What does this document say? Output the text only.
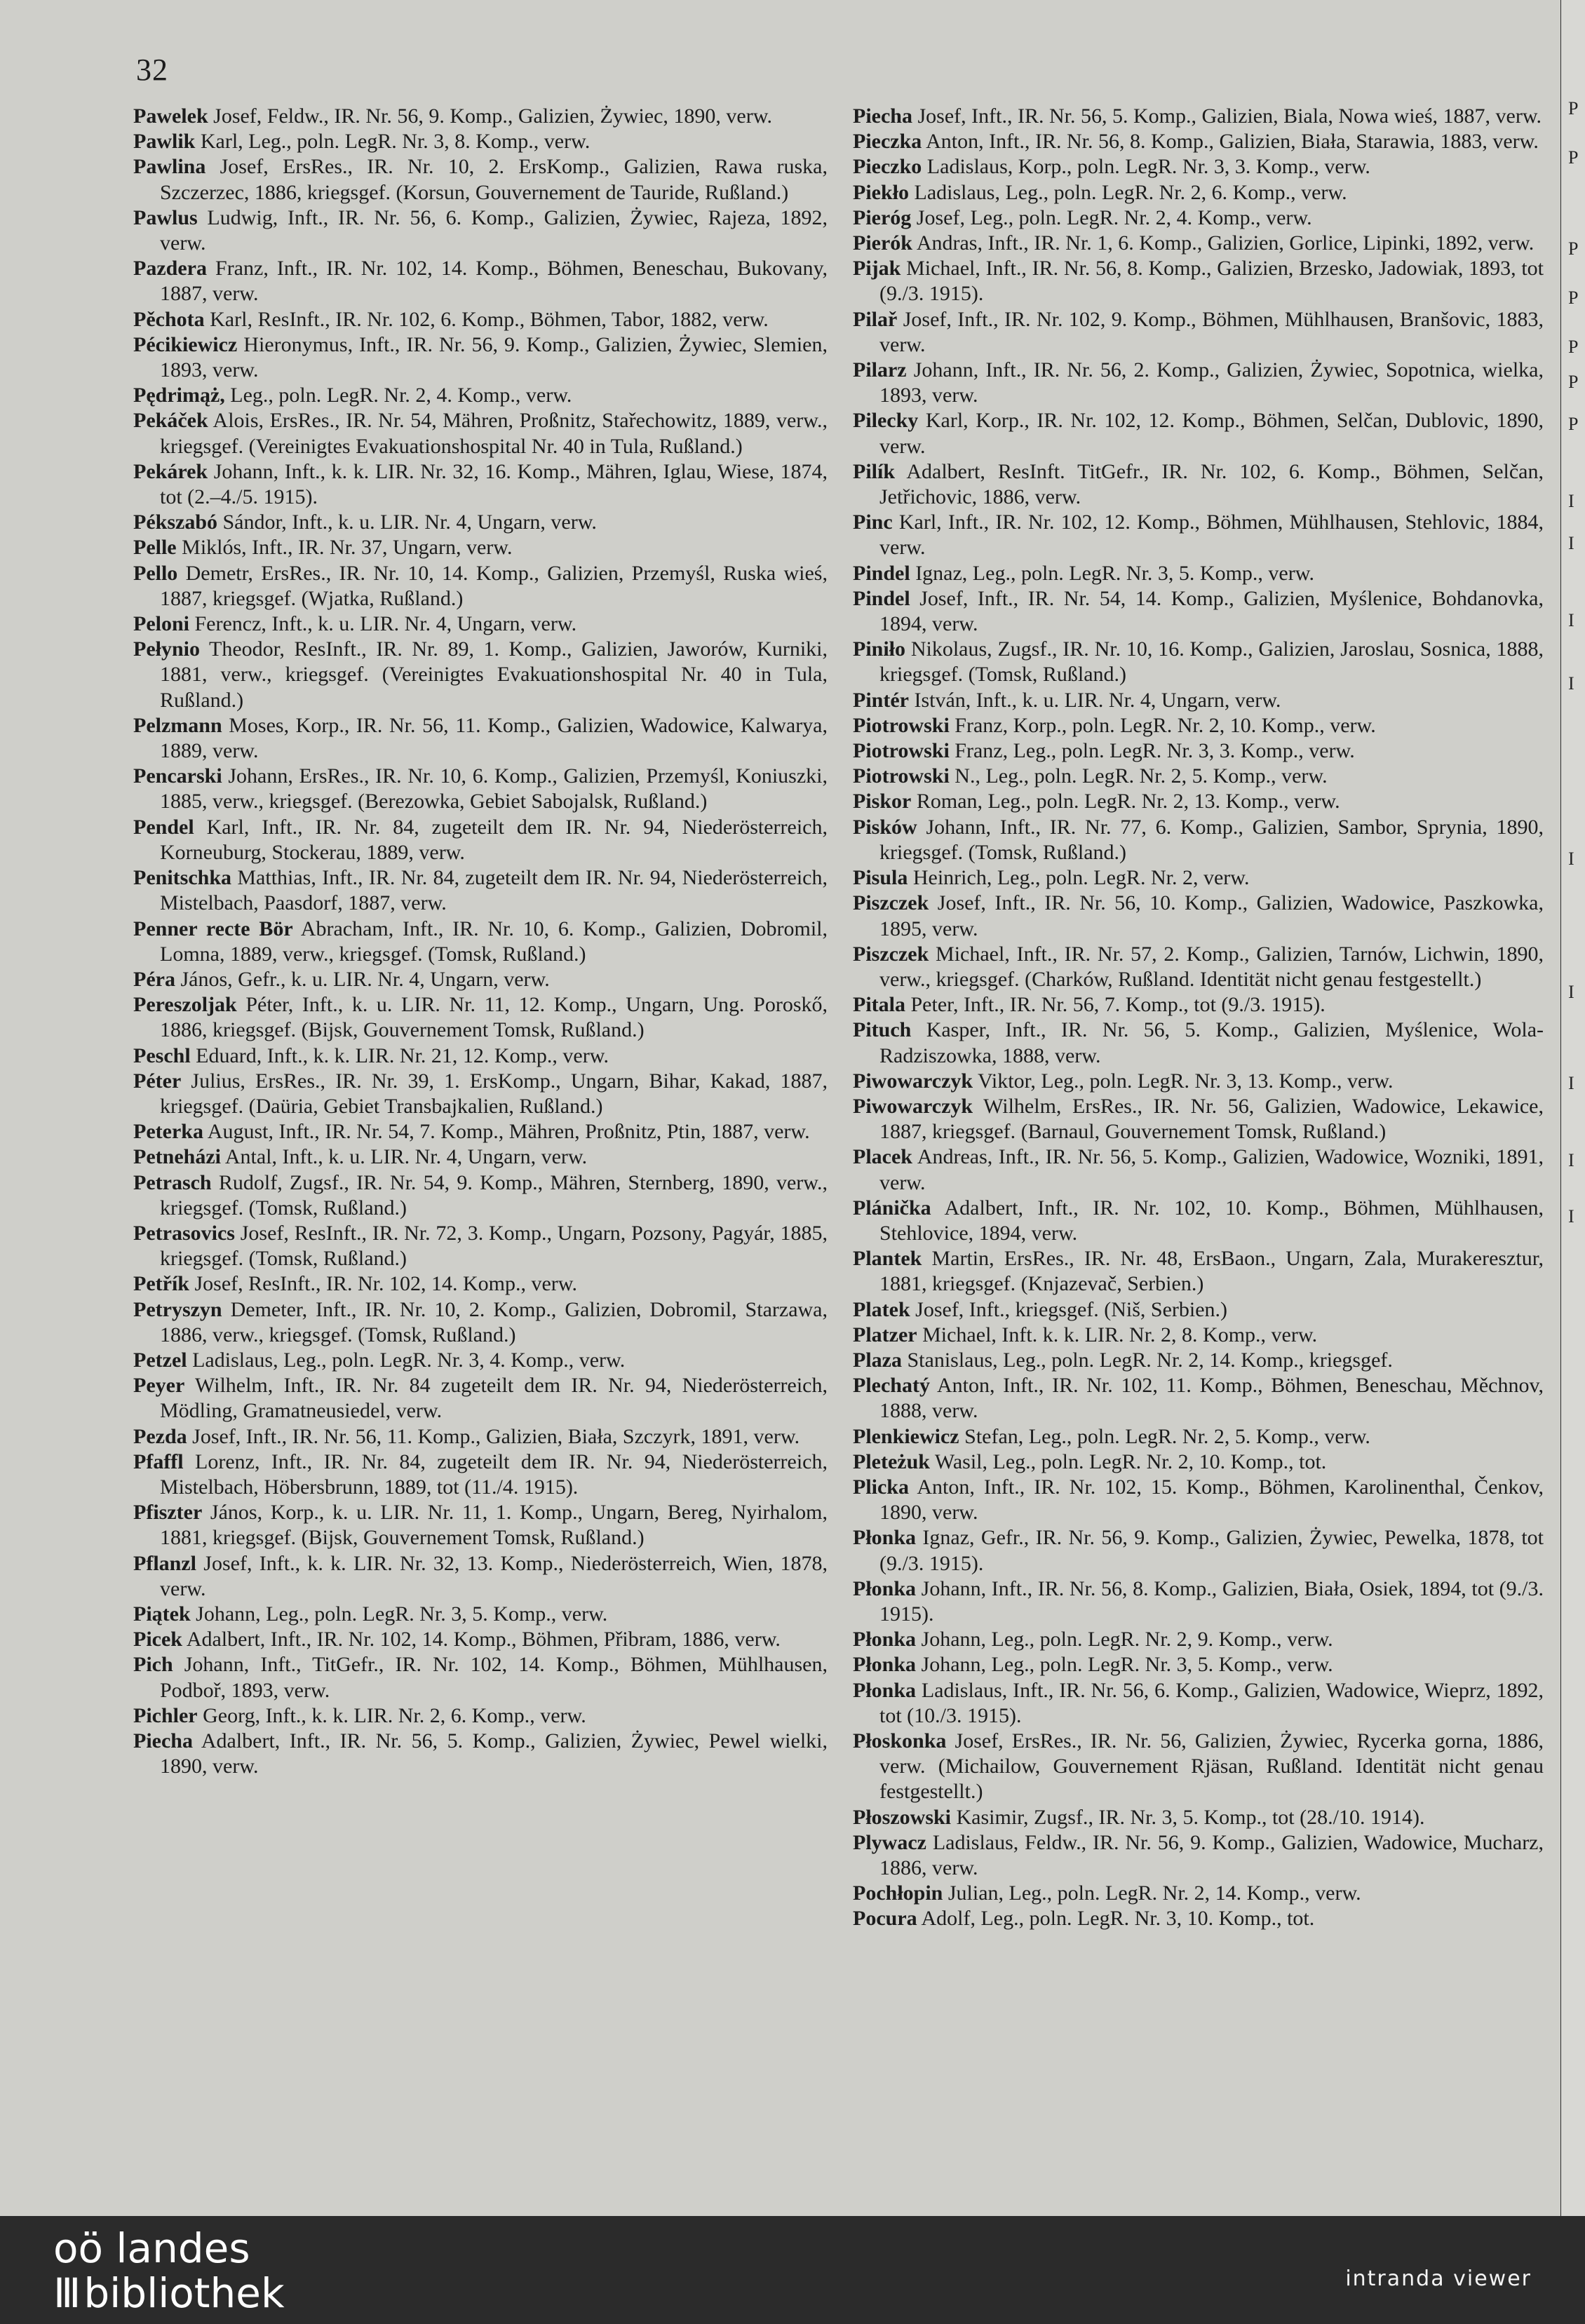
32

Pawelek Josef, Feldw., IR. Nr. 56, 9. Komp., Galizien, Żywiec, 1890, verw.

Pawlik Karl, Leg., poln. LegR. Nr. 3, 8. Komp., verw.

Pawlina Josef, ErsRes., IR. Nr. 10, 2. ErsKomp., Galizien, Rawa ruska, Szczerzec, 1886, kriegsgef. (Korsun, Gouvernement de Tauride, Rußland.)

Pawlus Ludwig, Inft., IR. Nr. 56, 6. Komp., Galizien, Żywiec, Rajeza, 1892, verw.

Pazdera Franz, Inft., IR. Nr. 102, 14. Komp., Böhmen, Beneschau, Bukovany, 1887, verw.

Pěchota Karl, ResInft., IR. Nr. 102, 6. Komp., Böhmen, Tabor, 1882, verw.

Pécikiewicz Hieronymus, Inft., IR. Nr. 56, 9. Komp., Galizien, Żywiec, Slemien, 1893, verw.

Pędrimąż, Leg., poln. LegR. Nr. 2, 4. Komp., verw.

Pekáček Alois, ErsRes., IR. Nr. 54, Mähren, Proßnitz, Stařechowitz, 1889, verw., kriegsgef. (Vereinigtes Evakuationshospital Nr. 40 in Tula, Rußland.)

Pekárek Johann, Inft., k. k. LIR. Nr. 32, 16. Komp., Mähren, Iglau, Wiese, 1874, tot (2.–4./5. 1915).

Pékszabó Sándor, Inft., k. u. LIR. Nr. 4, Ungarn, verw.

Pelle Miklós, Inft., IR. Nr. 37, Ungarn, verw.

Pello Demetr, ErsRes., IR. Nr. 10, 14. Komp., Galizien, Przemyśl, Ruska wieś, 1887, kriegsgef. (Wjatka, Rußland.)

Peloni Ferencz, Inft., k. u. LIR. Nr. 4, Ungarn, verw.

Pełynio Theodor, ResInft., IR. Nr. 89, 1. Komp., Galizien, Jaworów, Kurniki, 1881, verw., kriegsgef. (Vereinigtes Evakuationshospital Nr. 40 in Tula, Rußland.)

Pelzmann Moses, Korp., IR. Nr. 56, 11. Komp., Galizien, Wadowice, Kalwarya, 1889, verw.

Pencarski Johann, ErsRes., IR. Nr. 10, 6. Komp., Galizien, Przemyśl, Koniuszki, 1885, verw., kriegsgef. (Berezowka, Gebiet Sabojalsk, Rußland.)

Pendel Karl, Inft., IR. Nr. 84, zugeteilt dem IR. Nr. 94, Niederösterreich, Korneuburg, Stockerau, 1889, verw.

Penitschka Matthias, Inft., IR. Nr. 84, zugeteilt dem IR. Nr. 94, Niederösterreich, Mistelbach, Paasdorf, 1887, verw.

Penner recte Bör Abracham, Inft., IR. Nr. 10, 6. Komp., Galizien, Dobromil, Lomna, 1889, verw., kriegsgef. (Tomsk, Rußland.)

Péra János, Gefr., k. u. LIR. Nr. 4, Ungarn, verw.

Pereszoljak Péter, Inft., k. u. LIR. Nr. 11, 12. Komp., Ungarn, Ung. Poroskő, 1886, kriegsgef. (Bijsk, Gouvernement Tomsk, Rußland.)

Peschl Eduard, Inft., k. k. LIR. Nr. 21, 12. Komp., verw.

Péter Julius, ErsRes., IR. Nr. 39, 1. ErsKomp., Ungarn, Bihar, Kakad, 1887, kriegsgef. (Daüria, Gebiet Transbajkalien, Rußland.)

Peterka August, Inft., IR. Nr. 54, 7. Komp., Mähren, Proßnitz, Ptin, 1887, verw.

Petneházi Antal, Inft., k. u. LIR. Nr. 4, Ungarn, verw.

Petrasch Rudolf, Zugsf., IR. Nr. 54, 9. Komp., Mähren, Sternberg, 1890, verw., kriegsgef. (Tomsk, Rußland.)

Petrasovics Josef, ResInft., IR. Nr. 72, 3. Komp., Ungarn, Pozsony, Pagyár, 1885, kriegsgef. (Tomsk, Rußland.)

Petřík Josef, ResInft., IR. Nr. 102, 14. Komp., verw.

Petryszyn Demeter, Inft., IR. Nr. 10, 2. Komp., Galizien, Dobromil, Starzawa, 1886, verw., kriegsgef. (Tomsk, Rußland.)

Petzel Ladislaus, Leg., poln. LegR. Nr. 3, 4. Komp., verw.

Peyer Wilhelm, Inft., IR. Nr. 84 zugeteilt dem IR. Nr. 94, Niederösterreich, Mödling, Gramatneusiedel, verw.

Pezda Josef, Inft., IR. Nr. 56, 11. Komp., Galizien, Biała, Szczyrk, 1891, verw.

Pfaffl Lorenz, Inft., IR. Nr. 84, zugeteilt dem IR. Nr. 94, Niederösterreich, Mistelbach, Höbersbrunn, 1889, tot (11./4. 1915).

Pfiszter János, Korp., k. u. LIR. Nr. 11, 1. Komp., Ungarn, Bereg, Nyirhalom, 1881, kriegsgef. (Bijsk, Gouvernement Tomsk, Rußland.)

Pflanzl Josef, Inft., k. k. LIR. Nr. 32, 13. Komp., Niederösterreich, Wien, 1878, verw.

Piątek Johann, Leg., poln. LegR. Nr. 3, 5. Komp., verw.

Picek Adalbert, Inft., IR. Nr. 102, 14. Komp., Böhmen, Přibram, 1886, verw.

Pich Johann, Inft., TitGefr., IR. Nr. 102, 14. Komp., Böhmen, Mühlhausen, Podboř, 1893, verw.

Pichler Georg, Inft., k. k. LIR. Nr. 2, 6. Komp., verw.

Piecha Adalbert, Inft., IR. Nr. 56, 5. Komp., Galizien, Żywiec, Pewel wielki, 1890, verw.

Piecha Josef, Inft., IR. Nr. 56, 5. Komp., Galizien, Biala, Nowa wieś, 1887, verw.

Pieczka Anton, Inft., IR. Nr. 56, 8. Komp., Galizien, Biała, Starawia, 1883, verw.

Pieczko Ladislaus, Korp., poln. LegR. Nr. 3, 3. Komp., verw.

Piekło Ladislaus, Leg., poln. LegR. Nr. 2, 6. Komp., verw.

Pieróg Josef, Leg., poln. LegR. Nr. 2, 4. Komp., verw.

Pierók Andras, Inft., IR. Nr. 1, 6. Komp., Galizien, Gorlice, Lipinki, 1892, verw.

Pijak Michael, Inft., IR. Nr. 56, 8. Komp., Galizien, Brzesko, Jadowiak, 1893, tot (9./3. 1915).

Pilař Josef, Inft., IR. Nr. 102, 9. Komp., Böhmen, Mühlhausen, Branšovic, 1883, verw.

Pilarz Johann, Inft., IR. Nr. 56, 2. Komp., Galizien, Żywiec, Sopotnica, wielka, 1893, verw.

Pilecky Karl, Korp., IR. Nr. 102, 12. Komp., Böhmen, Selčan, Dublovic, 1890, verw.

Pilík Adalbert, ResInft. TitGefr., IR. Nr. 102, 6. Komp., Böhmen, Selčan, Jetřichovic, 1886, verw.

Pinc Karl, Inft., IR. Nr. 102, 12. Komp., Böhmen, Mühlhausen, Stehlovic, 1884, verw.

Pindel Ignaz, Leg., poln. LegR. Nr. 3, 5. Komp., verw.

Pindel Josef, Inft., IR. Nr. 54, 14. Komp., Galizien, Myślenice, Bohdanovka, 1894, verw.

Piniło Nikolaus, Zugsf., IR. Nr. 10, 16. Komp., Galizien, Jaroslau, Sosnica, 1888, kriegsgef. (Tomsk, Rußland.)

Pintér István, Inft., k. u. LIR. Nr. 4, Ungarn, verw.

Piotrowski Franz, Korp., poln. LegR. Nr. 2, 10. Komp., verw.

Piotrowski Franz, Leg., poln. LegR. Nr. 3, 3. Komp., verw.

Piotrowski N., Leg., poln. LegR. Nr. 2, 5. Komp., verw.

Piskor Roman, Leg., poln. LegR. Nr. 2, 13. Komp., verw.

Pisków Johann, Inft., IR. Nr. 77, 6. Komp., Galizien, Sambor, Sprynia, 1890, kriegsgef. (Tomsk, Rußland.)

Pisula Heinrich, Leg., poln. LegR. Nr. 2, verw.

Piszczek Josef, Inft., IR. Nr. 56, 10. Komp., Galizien, Wadowice, Paszkowka, 1895, verw.

Piszczek Michael, Inft., IR. Nr. 57, 2. Komp., Galizien, Tarnów, Lichwin, 1890, verw., kriegsgef. (Charków, Rußland. Identität nicht genau festgestellt.)

Pitala Peter, Inft., IR. Nr. 56, 7. Komp., tot (9./3. 1915).

Pituch Kasper, Inft., IR. Nr. 56, 5. Komp., Galizien, Myślenice, Wola-Radziszowka, 1888, verw.

Piwowarczyk Viktor, Leg., poln. LegR. Nr. 3, 13. Komp., verw.

Piwowarczyk Wilhelm, ErsRes., IR. Nr. 56, Galizien, Wadowice, Lekawice, 1887, kriegsgef. (Barnaul, Gouvernement Tomsk, Rußland.)

Placek Andreas, Inft., IR. Nr. 56, 5. Komp., Galizien, Wadowice, Wozniki, 1891, verw.

Plánička Adalbert, Inft., IR. Nr. 102, 10. Komp., Böhmen, Mühlhausen, Stehlovice, 1894, verw.

Plantek Martin, ErsRes., IR. Nr. 48, ErsBaon., Ungarn, Zala, Murakeresztur, 1881, kriegsgef. (Knjazevač, Serbien.)

Platek Josef, Inft., kriegsgef. (Niš, Serbien.)

Platzer Michael, Inft. k. k. LIR. Nr. 2, 8. Komp., verw.

Plaza Stanislaus, Leg., poln. LegR. Nr. 2, 14. Komp., kriegsgef.

Plechatý Anton, Inft., IR. Nr. 102, 11. Komp., Böhmen, Beneschau, Měchnov, 1888, verw.

Plenkiewicz Stefan, Leg., poln. LegR. Nr. 2, 5. Komp., verw.

Pleteżuk Wasil, Leg., poln. LegR. Nr. 2, 10. Komp., tot.

Plicka Anton, Inft., IR. Nr. 102, 15. Komp., Böhmen, Karolinenthal, Čenkov, 1890, verw.

Płonka Ignaz, Gefr., IR. Nr. 56, 9. Komp., Galizien, Żywiec, Pewelka, 1878, tot (9./3. 1915).

Płonka Johann, Inft., IR. Nr. 56, 8. Komp., Galizien, Biała, Osiek, 1894, tot (9./3. 1915).

Płonka Johann, Leg., poln. LegR. Nr. 2, 9. Komp., verw.

Płonka Johann, Leg., poln. LegR. Nr. 3, 5. Komp., verw.

Płonka Ladislaus, Inft., IR. Nr. 56, 6. Komp., Galizien, Wadowice, Wieprz, 1892, tot (10./3. 1915).

Płoskonka Josef, ErsRes., IR. Nr. 56, Galizien, Żywiec, Rycerka gorna, 1886, verw. (Michailow, Gouvernement Rjäsan, Rußland. Identität nicht genau festgestellt.)

Płoszowski Kasimir, Zugsf., IR. Nr. 3, 5. Komp., tot (28./10. 1914).

Plywacz Ladislaus, Feldw., IR. Nr. 56, 9. Komp., Galizien, Wadowice, Mucharz, 1886, verw.

Pochłopin Julian, Leg., poln. LegR. Nr. 2, 14. Komp., verw.

Pocura Adolf, Leg., poln. LegR. Nr. 3, 10. Komp., tot.

P
P
P
P
P
P
P
I
I
I
I
I
I
I
I
I
oö landes
III bibliothek	intranda viewer
